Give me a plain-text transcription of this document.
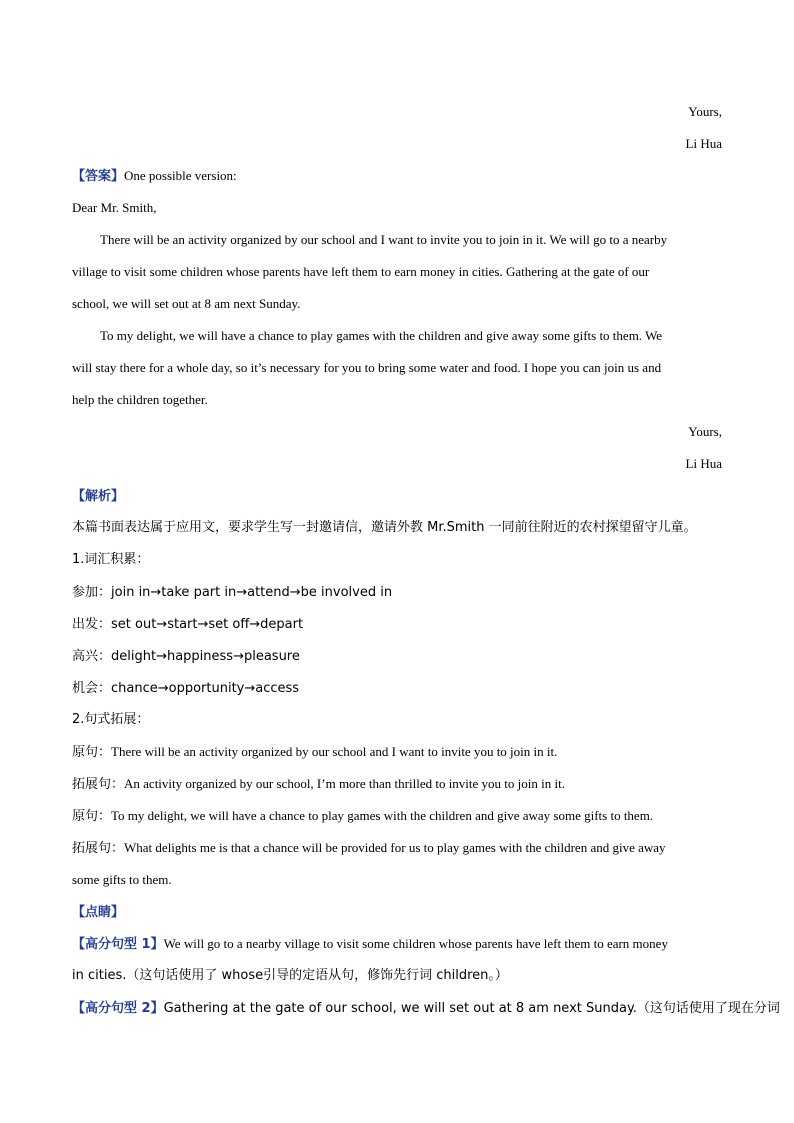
Yours,
Li Hua
【答案】One possible version:
Dear Mr. Smith,
There will be an activity organized by our school and I want to invite you to join in it. We will go to a nearby
village to visit some children whose parents have left them to earn money in cities. Gathering at the gate of our
school, we will set out at 8 am next Sunday.
To my delight, we will have a chance to play games with the children and give away some gifts to them. We
will stay there for a whole day, so it’s necessary for you to bring some water and food. I hope you can join us and
help the children together.
Yours,
Li Hua
【解析】
本篇书面表达属于应用文，要求学生写一封邀请信，邀请外教 Mr.Smith 一同前往附近的农村探望留守儿童。
1.词汇积累：
参加：join in→take part in→attend→be involved in
出发：set out→start→set off→depart
高兴：delight→happiness→pleasure
机会：chance→opportunity→access
2.句式拓展：
原句：There will be an activity organized by our school and I want to invite you to join in it.
拓展句：An activity organized by our school, I’m more than thrilled to invite you to join in it.
原句：To my delight, we will have a chance to play games with the children and give away some gifts to them.
拓展句：What delights me is that a chance will be provided for us to play games with the children and give away
some gifts to them.
【点睛】
【高分句型 1】We will go to a nearby village to visit some children whose parents have left them to earn money
in cities.（这句话使用了 whose引导的定语从句，修饰先行词 children。）
【高分句型 2】Gathering at the gate of our school, we will set out at 8 am next Sunday.（这句话使用了现在分词
